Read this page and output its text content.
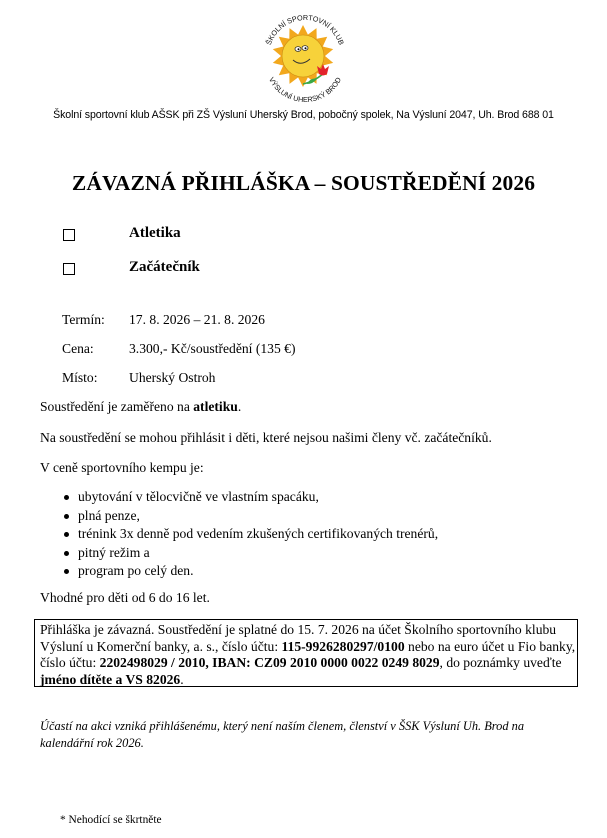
ŠKOLNÍ SPORTOVNÍ KLUB
VÝSLUNÍ UHERSKÝ BROD
Školní sportovní klub AŠSK při ZŠ Výsluní Uherský Brod, pobočný spolek, Na Výsluní 2047, Uh. Brod 688 01
ZÁVAZNÁ PŘIHLÁŠKA – SOUSTŘEDĚNÍ 2026
Atletika
Začátečník
Termín: 17. 8. 2026 – 21. 8. 2026
Cena:	3.300,- Kč/soustředění (135 €)
Místo: Uherský Ostroh
Soustředění je zaměřeno na atletiku.
Na soustředění se mohou přihlásit i děti, které nejsou našimi členy vč. začátečníků.
V ceně sportovního kempu je:
ubytování v tělocvičně ve vlastním spacáku,
plná penze,
trénink 3x denně pod vedením zkušených certifikovaných trenérů,
pitný režim a
program po celý den.
Vhodné pro děti od 6 do 16 let.
Přihláška je závazná. Soustředění je splatné do 15. 7. 2026 na účet Školního sportovního klubu Výsluní u Komerční banky, a. s., číslo účtu: 115-9926280297/0100 nebo na euro účet u Fio banky, číslo účtu: 2202498029 / 2010, IBAN: CZ09 2010 0000 0022 0249 8029, do poznámky uveďte jméno dítěte a VS 82026.
Účastí na akci vzniká přihlášenému, který není naším členem, členství v ŠSK Výsluní Uh. Brod na kalendářní rok 2026.
* Nehodící se škrtněte
